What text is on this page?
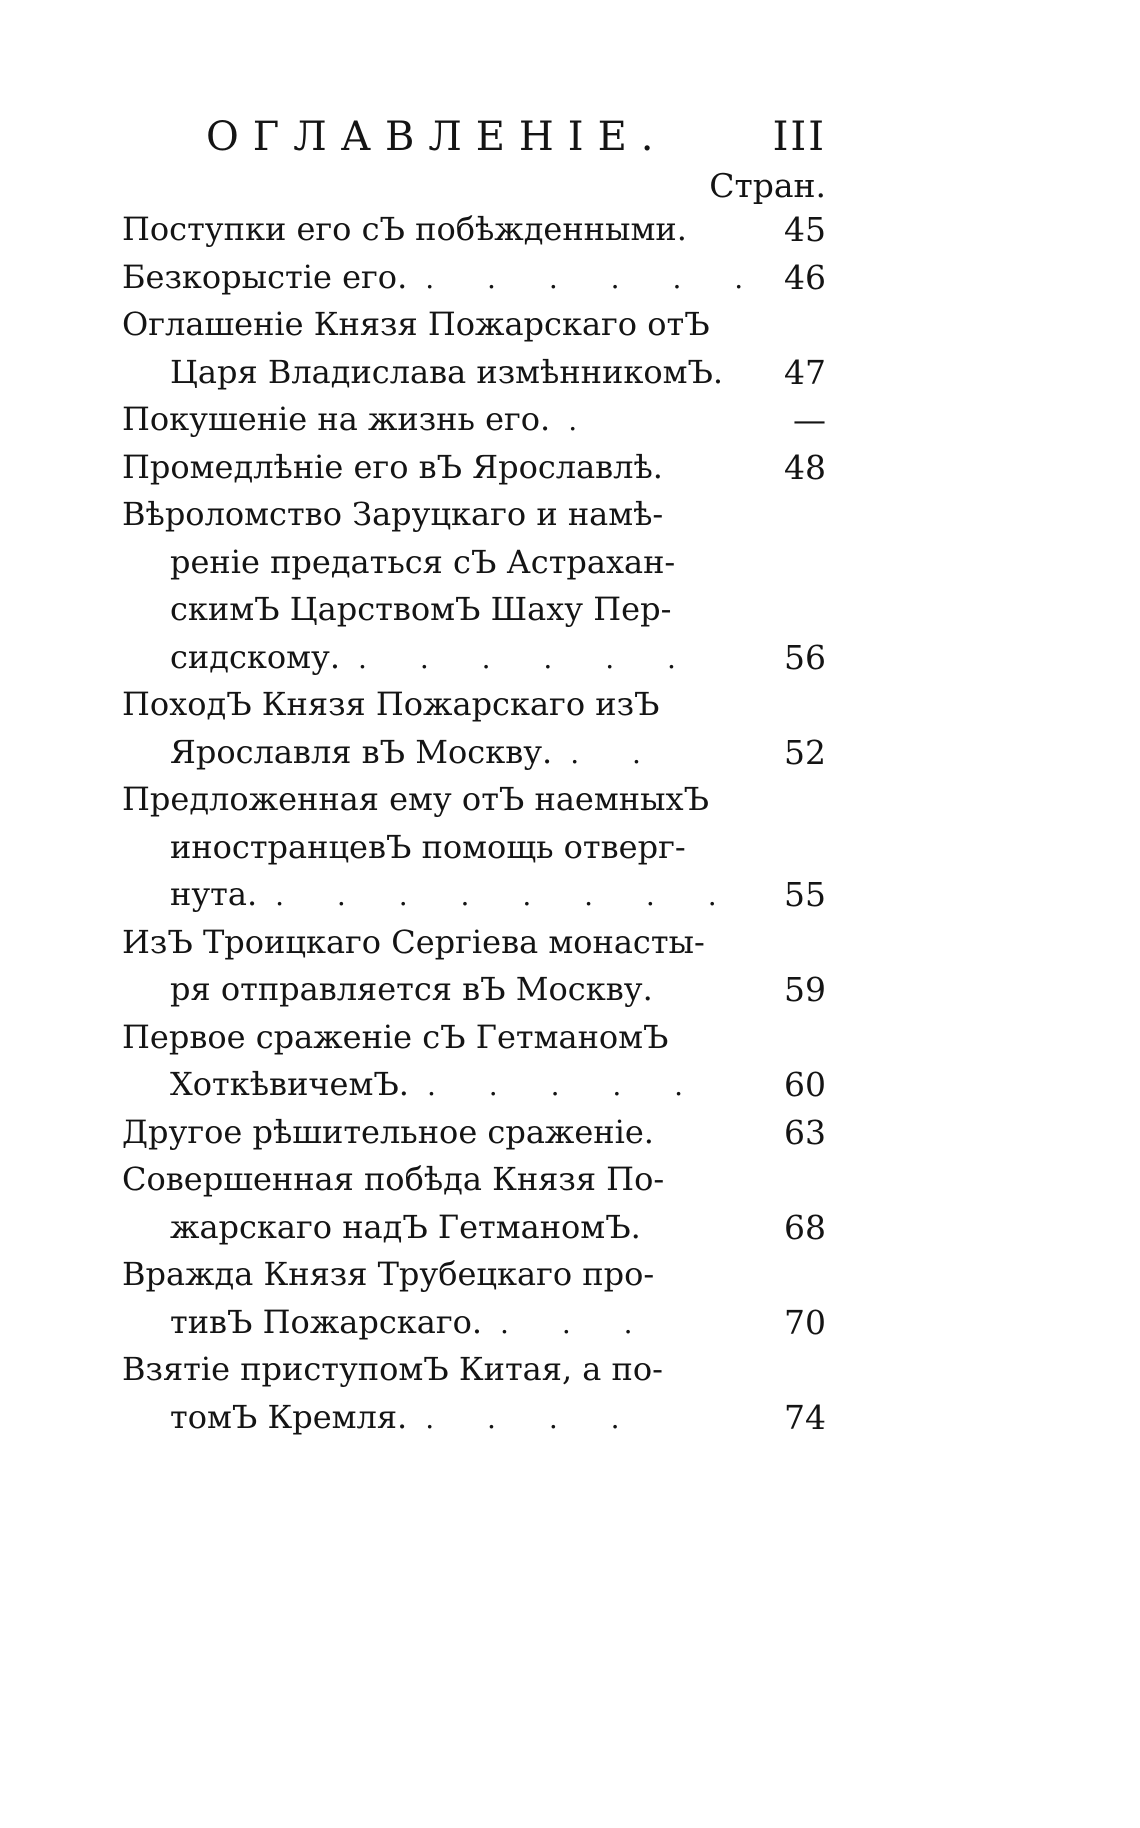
ОГЛАВЛЕНІЕ.	III
Стран.
Поступки его сЪ побѣжденными.	45
Безкорыстіе его. . . . . . . 46
Оглашеніе Князя Пожарскаго отЪ
Царя Владислава измѣнникомЪ. 47
Покушеніе на жизнь его. .	—
Промедлѣніе его вЪ Ярославлѣ.	48
Вѣроломство Заруцкаго и намѣ-
реніе предаться сЪ Астрахан-
скимЪ ЦарствомЪ Шаху Пер-
сидскому. . . . . . .	56
ПоходЪ Князя Пожарскаго изЪ
Ярославля вЪ Москву. . .	52
Предложенная ему отЪ наемныхЪ
иностранцевЪ помощь отверг-
нута. . . . . . . . . 55
ИзЪ Троицкаго Сергіева монасты-
ря отправляется вЪ Москву.	59
Первое сраженіе сЪ ГетманомЪ
ХоткѣвичемЪ. . . . . . 60
Другое рѣшительное сраженіе.	63
Совершенная побѣда Князя По-
жарскаго надЪ ГетманомЪ.	68
Вражда Князя Трубецкаго про-
тивЪ Пожарскаго. . . .	70
Взятіе приступомЪ Китая, а по-
томЪ Кремля. . . . .	74
